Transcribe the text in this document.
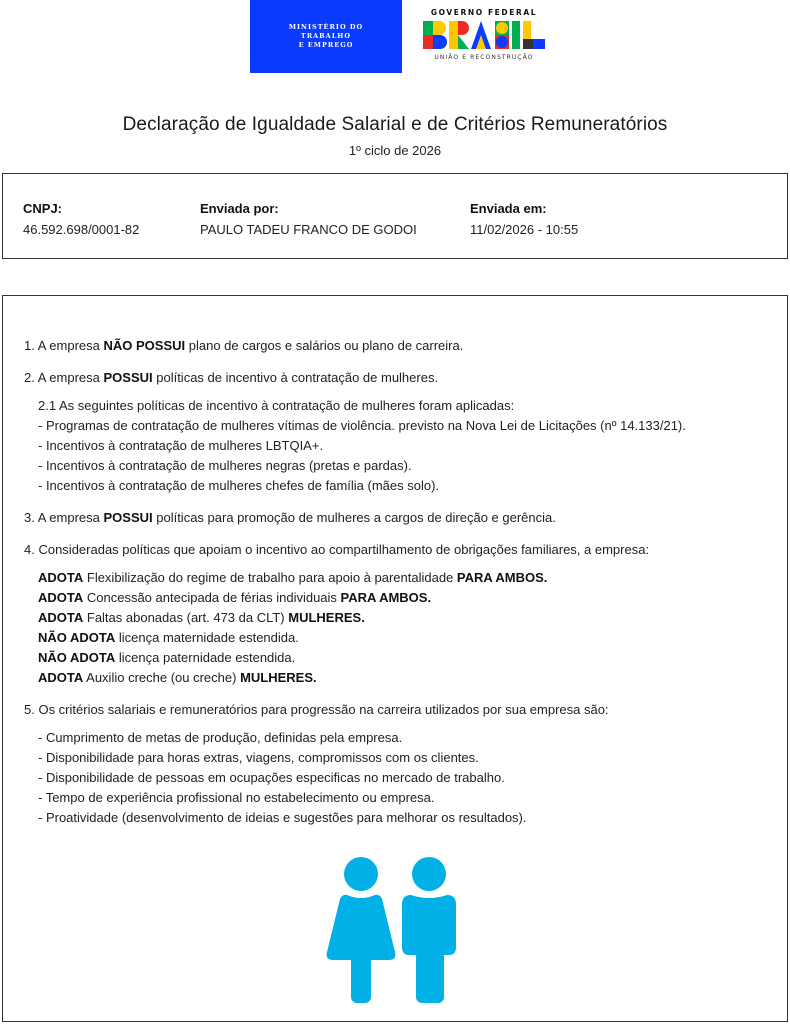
MINISTÉRIO DO
TRABALHO
E EMPREGO
GOVERNO FEDERAL
UNIÃO E RECONSTRUÇÃO
Declaração de Igualdade Salarial e de Critérios Remuneratórios
1º ciclo de 2026
CNPJ:
46.592.698/0001-82
Enviada por:
PAULO TADEU FRANCO DE GODOI
Enviada em:
11/02/2026 - 10:55
1. A empresa NÃO POSSUI plano de cargos e salários ou plano de carreira.
2. A empresa POSSUI políticas de incentivo à contratação de mulheres.
2.1 As seguintes políticas de incentivo à contratação de mulheres foram aplicadas:
- Programas de contratação de mulheres vítimas de violência. previsto na Nova Lei de Licitações (nº 14.133/21).
- Incentivos à contratação de mulheres LBTQIA+.
- Incentivos à contratação de mulheres negras (pretas e pardas).
- Incentivos à contratação de mulheres chefes de família (mães solo).
3. A empresa POSSUI políticas para promoção de mulheres a cargos de direção e gerência.
4. Consideradas políticas que apoiam o incentivo ao compartilhamento de obrigações familiares, a empresa:
ADOTA Flexibilização do regime de trabalho para apoio à parentalidade PARA AMBOS.
ADOTA Concessão antecipada de férias individuais PARA AMBOS.
ADOTA Faltas abonadas (art. 473 da CLT) MULHERES.
NÃO ADOTA licença maternidade estendida.
NÃO ADOTA licença paternidade estendida.
ADOTA Auxilio creche (ou creche) MULHERES.
5. Os critérios salariais e remuneratórios para progressão na carreira utilizados por sua empresa são:
- Cumprimento de metas de produção, definidas pela empresa.
- Disponibilidade para horas extras, viagens, compromissos com os clientes.
- Disponibilidade de pessoas em ocupações especificas no mercado de trabalho.
- Tempo de experiência profissional no estabelecimento ou empresa.
- Proatividade (desenvolvimento de ideias e sugestões para melhorar os resultados).
